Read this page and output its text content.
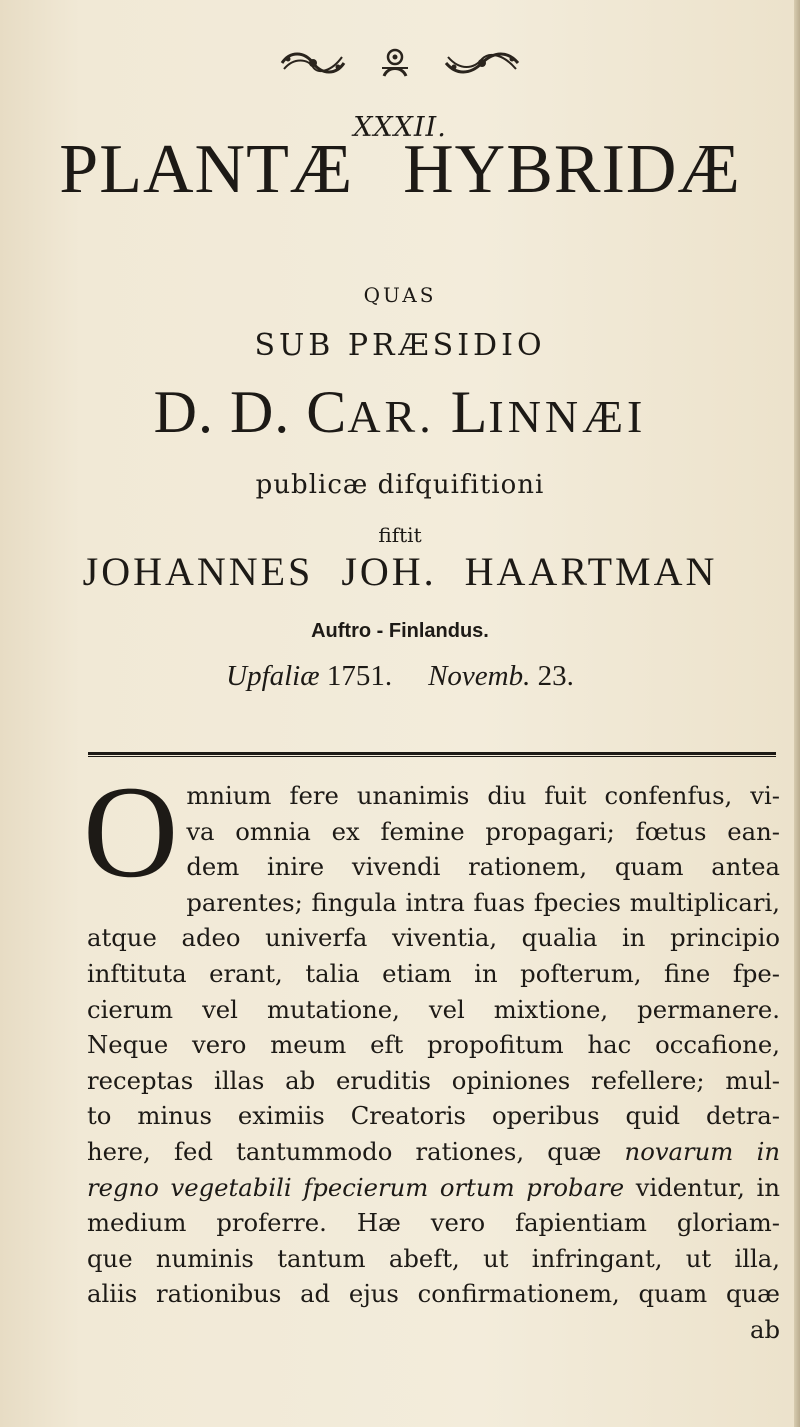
XXXII.
PLANTÆ HYBRIDÆ
QUAS
SUB PRÆSIDIO
D. D. CAR. LINNÆI
publicæ difquifitioni
fiftit
JOHANNES JOH. HAARTMAN
Auftro - Finlandus.
Upfaliæ 1751. Novemb. 23.
O mnium fere unanimis diu fuit confenfus, vi-
va omnia ex femine propagari; fœtus ean-
dem inire vivendi rationem, quam antea
parentes; fingula intra fuas fpecies multiplicari,
atque adeo univerfa viventia, qualia in principio
inftituta erant, talia etiam in pofterum, fine fpe-
cierum vel mutatione, vel mixtione, permanere.
Neque vero meum eft propofitum hac occafione,
receptas illas ab eruditis opiniones refellere; mul-
to minus eximiis Creatoris operibus quid detra-
here, fed tantummodo rationes, quæ novarum in
regno vegetabili fpecierum ortum probare videntur, in
medium proferre. Hæ vero fapientiam gloriam-
que numinis tantum abeft, ut infringant, ut illa,
aliis rationibus ad ejus confirmationem, quam quæ
ab
